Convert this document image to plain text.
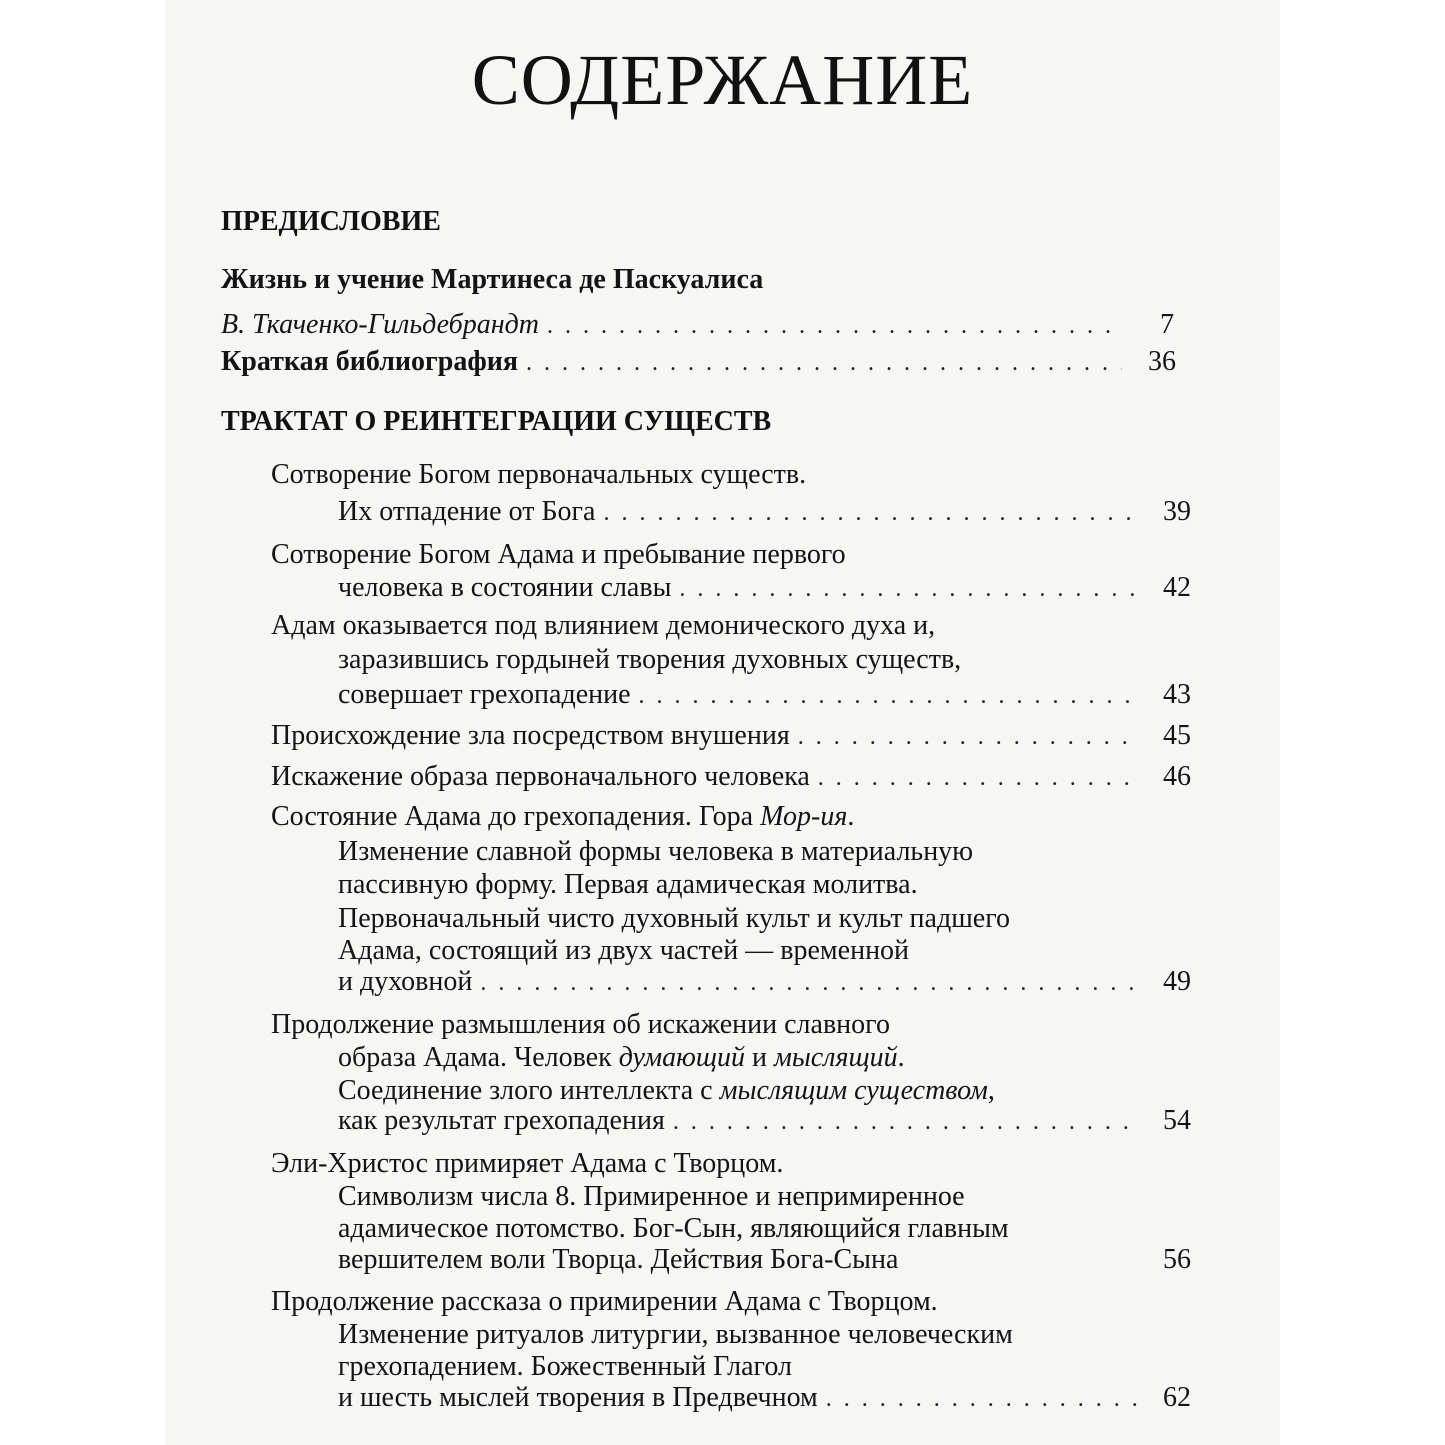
СОДЕРЖАНИЕ
ПРЕДИСЛОВИЕ
Жизнь и учение Мартинеса де Паскуалиса
В. Ткаченко-Гильдебрандт . . .	7
Краткая библиография . . .	36
ТРАКТАТ О РЕИНТЕГРАЦИИ СУЩЕСТВ
Сотворение Богом первоначальных существ.
Их отпадение от Бога . . .	39
Сотворение Богом Адама и пребывание первого
человека в состоянии славы . . .	42
Адам оказывается под влиянием демонического духа и,
заразившись гордыней творения духовных существ,
совершает грехопадение . . .	43
Происхождение зла посредством внушения . . .	45
Искажение образа первоначального человека . . .	46
Состояние Адама до грехопадения. Гора Мор-ия.
Изменение славной формы человека в материальную
пассивную форму. Первая адамическая молитва.
Первоначальный чисто духовный культ и культ падшего
Адама, состоящий из двух частей — временной
и духовной . . .	49
Продолжение размышления об искажении славного
образа Адама. Человек думающий и мыслящий.
Соединение злого интеллекта с мыслящим существом,
как результат грехопадения . . .	54
Эли-Христос примиряет Адама с Творцом.
Символизм числа 8. Примиренное и непримиренное
адамическое потомство. Бог-Сын, являющийся главным
вершителем воли Творца. Действия Бога-Сына	56
Продолжение рассказа о примирении Адама с Творцом.
Изменение ритуалов литургии, вызванное человеческим
грехопадением. Божественный Глагол
и шесть мыслей творения в Предвечном . . .	62
